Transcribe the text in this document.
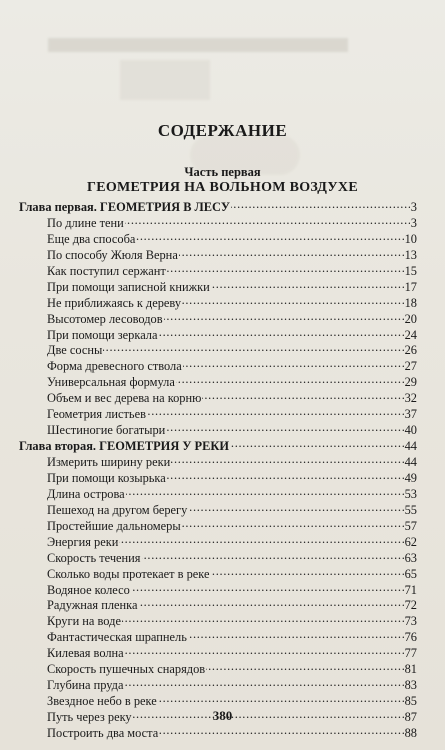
СОДЕРЖАНИЕ
Часть первая
ГЕОМЕТРИЯ НА ВОЛЬНОМ ВОЗДУХЕ
Глава первая. ГЕОМЕТРИЯ В ЛЕСУ . . .	3
По длине тени . . .	3
Еще два способа . . .	10
По способу Жюля Верна . . .	13
Как поступил сержант . . .	15
При помощи записной книжки . . .	17
Не приближаясь к дереву . . .	18
Высотомер лесоводов . . .	20
При помощи зеркала . . .	24
Две сосны . . .	26
Форма древесного ствола . . .	27
Универсальная формула . . .	29
Объем и вес дерева на корню . . .	32
Геометрия листьев . . .	37
Шестиногие богатыри . . .	40
Глава вторая. ГЕОМЕТРИЯ У РЕКИ . . .	44
Измерить ширину реки . . .	44
При помощи козырька . . .	49
Длина острова . . .	53
Пешеход на другом берегу . . .	55
Простейшие дальномеры . . .	57
Энергия реки . . .	62
Скорость течения . . .	63
Сколько воды протекает в реке . . .	65
Водяное колесо . . .	71
Радужная пленка . . .	72
Круги на воде . . .	73
Фантастическая шрапнель . . .	76
Килевая волна . . .	77
Скорость пушечных снарядов . . .	81
Глубина пруда . . .	83
Звездное небо в реке . . .	85
Путь через реку . . .	87
Построить два моста . . .	88
380
